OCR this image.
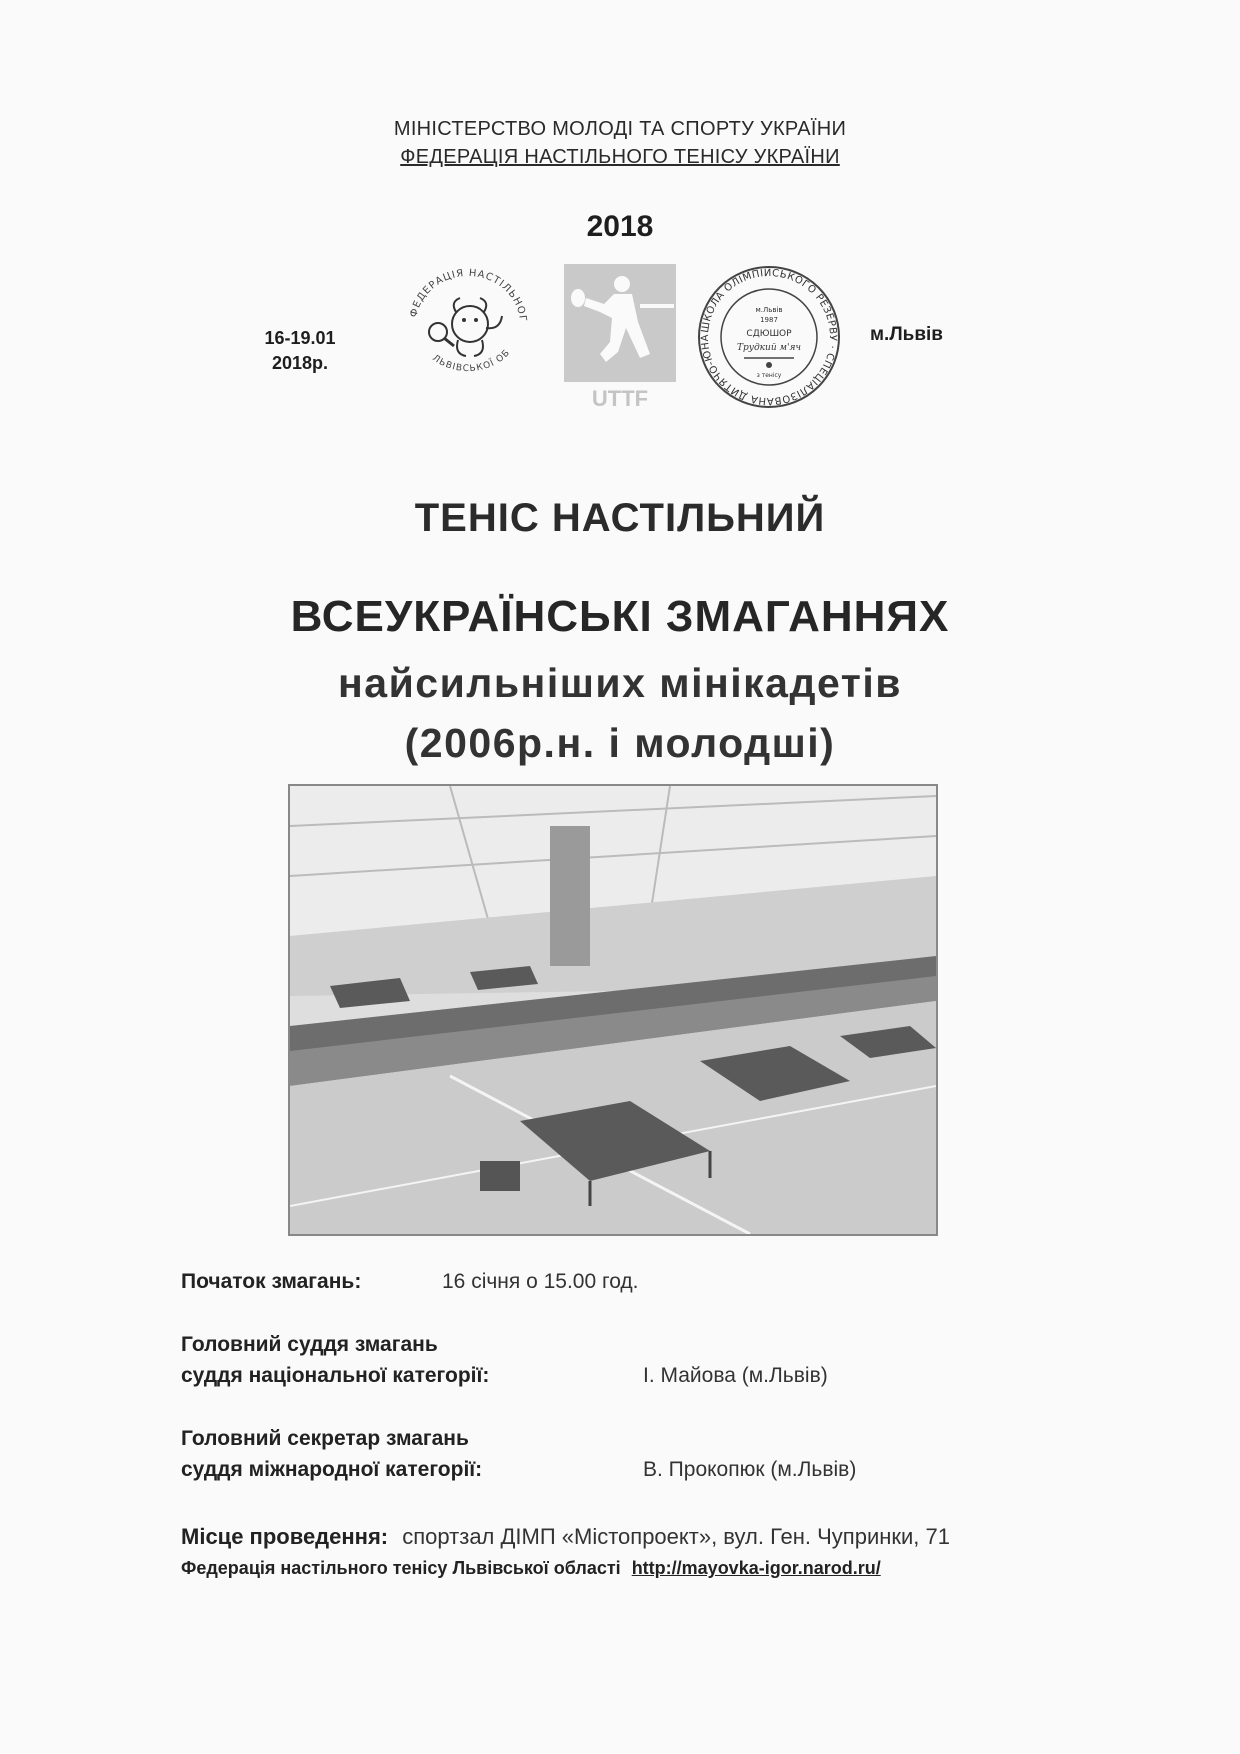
МІНІСТЕРСТВО МОЛОДІ ТА СПОРТУ УКРАЇНИ
ФЕДЕРАЦІЯ НАСТІЛЬНОГО ТЕНІСУ УКРАЇНИ
2018
16-19.01
2018р.
м.Львів
ФЕДЕРАЦІЯ НАСТІЛЬНОГ
ЛЬВІВСЬКОЇ ОБ
UTTF
ШКОЛА ОЛІМПІЙСЬКОГО РЕЗЕРВУ · СПЕЦІАЛІЗОВАНА ДИТЯЧО-ЮНА
м.Львів
1987
СДЮШОР
Трудкий м'яч
з тенісу
ТЕНІС НАСТІЛЬНИЙ
ВСЕУКРАЇНСЬКІ ЗМАГАННЯХ
найсильніших мінікадетів
(2006р.н. і молодші)
Початок змагань:	16 січня о 15.00 год.
Головний суддя змагань
суддя національної категорії:	І. Майова (м.Львів)
Головний секретар змагань
суддя міжнародної категорії:	В. Прокопюк (м.Львів)
Місце проведення: спортзал ДІМП «Містопроект», вул. Ген. Чупринки, 71
Федерація настільного тенісу Львівської області http://mayovka-igor.narod.ru/
